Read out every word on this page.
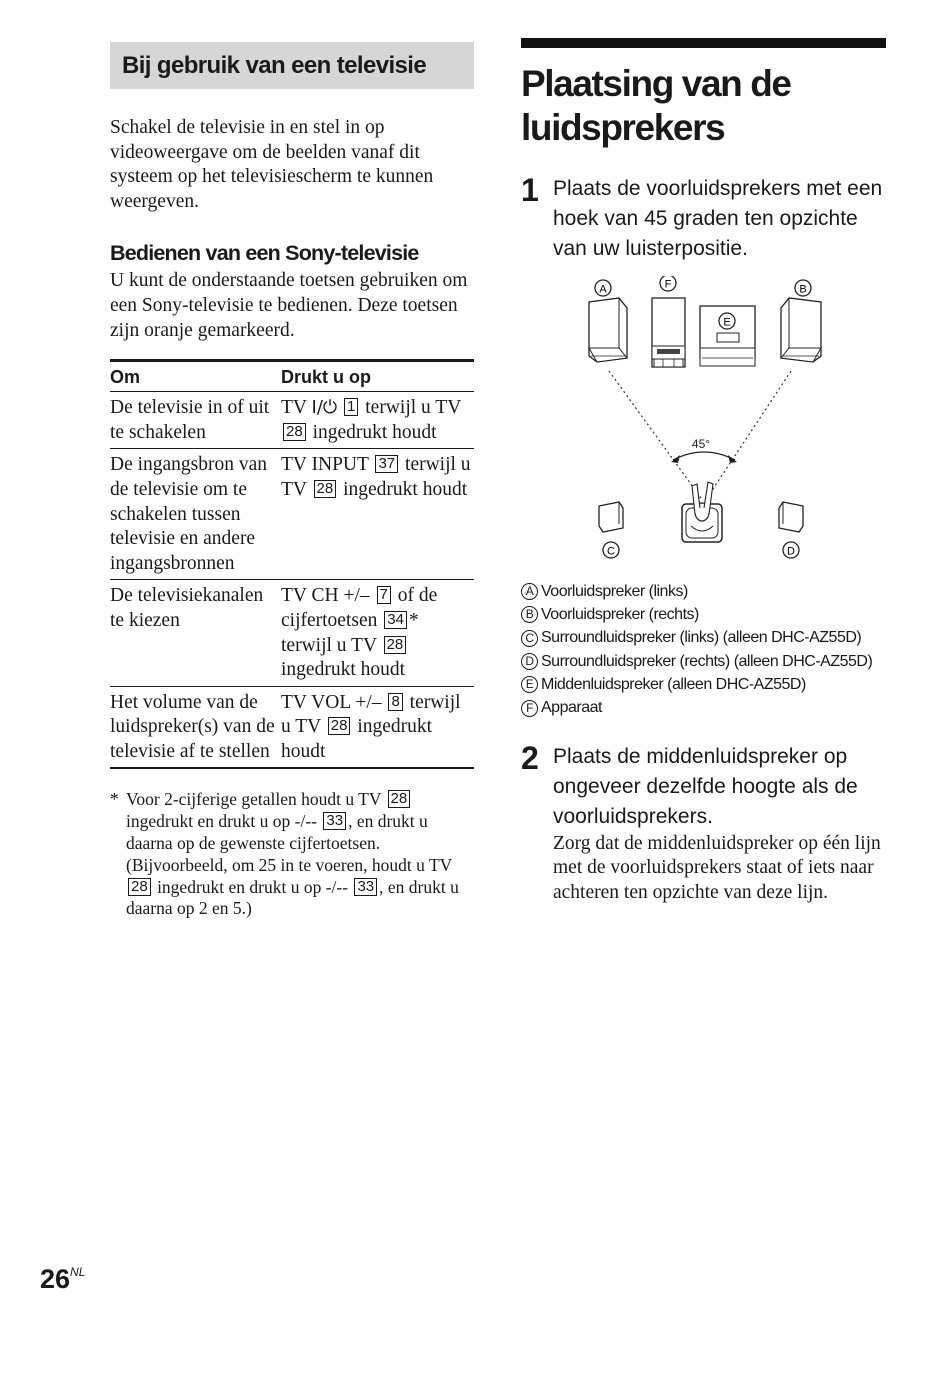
Bij gebruik van een televisie

Schakel de televisie in en stel in op videoweergave om de beelden vanaf dit systeem op het televisiescherm te kunnen weergeven.

Bedienen van een Sony-televisie

U kunt de onderstaande toetsen gebruiken om een Sony-televisie te bedienen. Deze toetsen zijn oranje gemarkeerd.

Om	Drukt u op
De televisie in of uit te schakelen	TV I/⏻ 1 terwijl u TV 28 ingedrukt houdt
De ingangsbron van de televisie om te schakelen tussen televisie en andere ingangsbronnen	TV INPUT 37 terwijl u TV 28 ingedrukt houdt
De televisiekanalen te kiezen	TV CH +/– 7 of de cijfertoetsen 34 * terwijl u TV 28 ingedrukt houdt
Het volume van de luidspreker(s) van de televisie af te stellen	TV VOL +/– 8 terwijl u TV 28 ingedrukt houdt
* Voor 2-cijferige getallen houdt u TV 28 ingedrukt en drukt u op -/-- 33 , en drukt u daarna op de gewenste cijfertoetsen. (Bijvoorbeeld, om 25 in te voeren, houdt u TV 28 ingedrukt en drukt u op -/-- 33 , en drukt u daarna op 2 en 5.)
Plaatsing van de luidsprekers
1 Plaats de voorluidsprekers met een hoek van 45 graden ten opzichte van uw luisterpositie.
45°
A	F
E
B
C	D
A Voorluidspreker (links)
B Voorluidspreker (rechts)
C Surroundluidspreker (links) (alleen DHC-AZ55D)
D Surroundluidspreker (rechts) (alleen DHC-AZ55D)
E Middenluidspreker (alleen DHC-AZ55D)
F Apparaat
2 Plaats de middenluidspreker op ongeveer dezelfde hoogte als de voorluidsprekers.

Zorg dat de middenluidspreker op één lijn met de voorluidsprekers staat of iets naar achteren ten opzichte van deze lijn.

$26^{NL}$
